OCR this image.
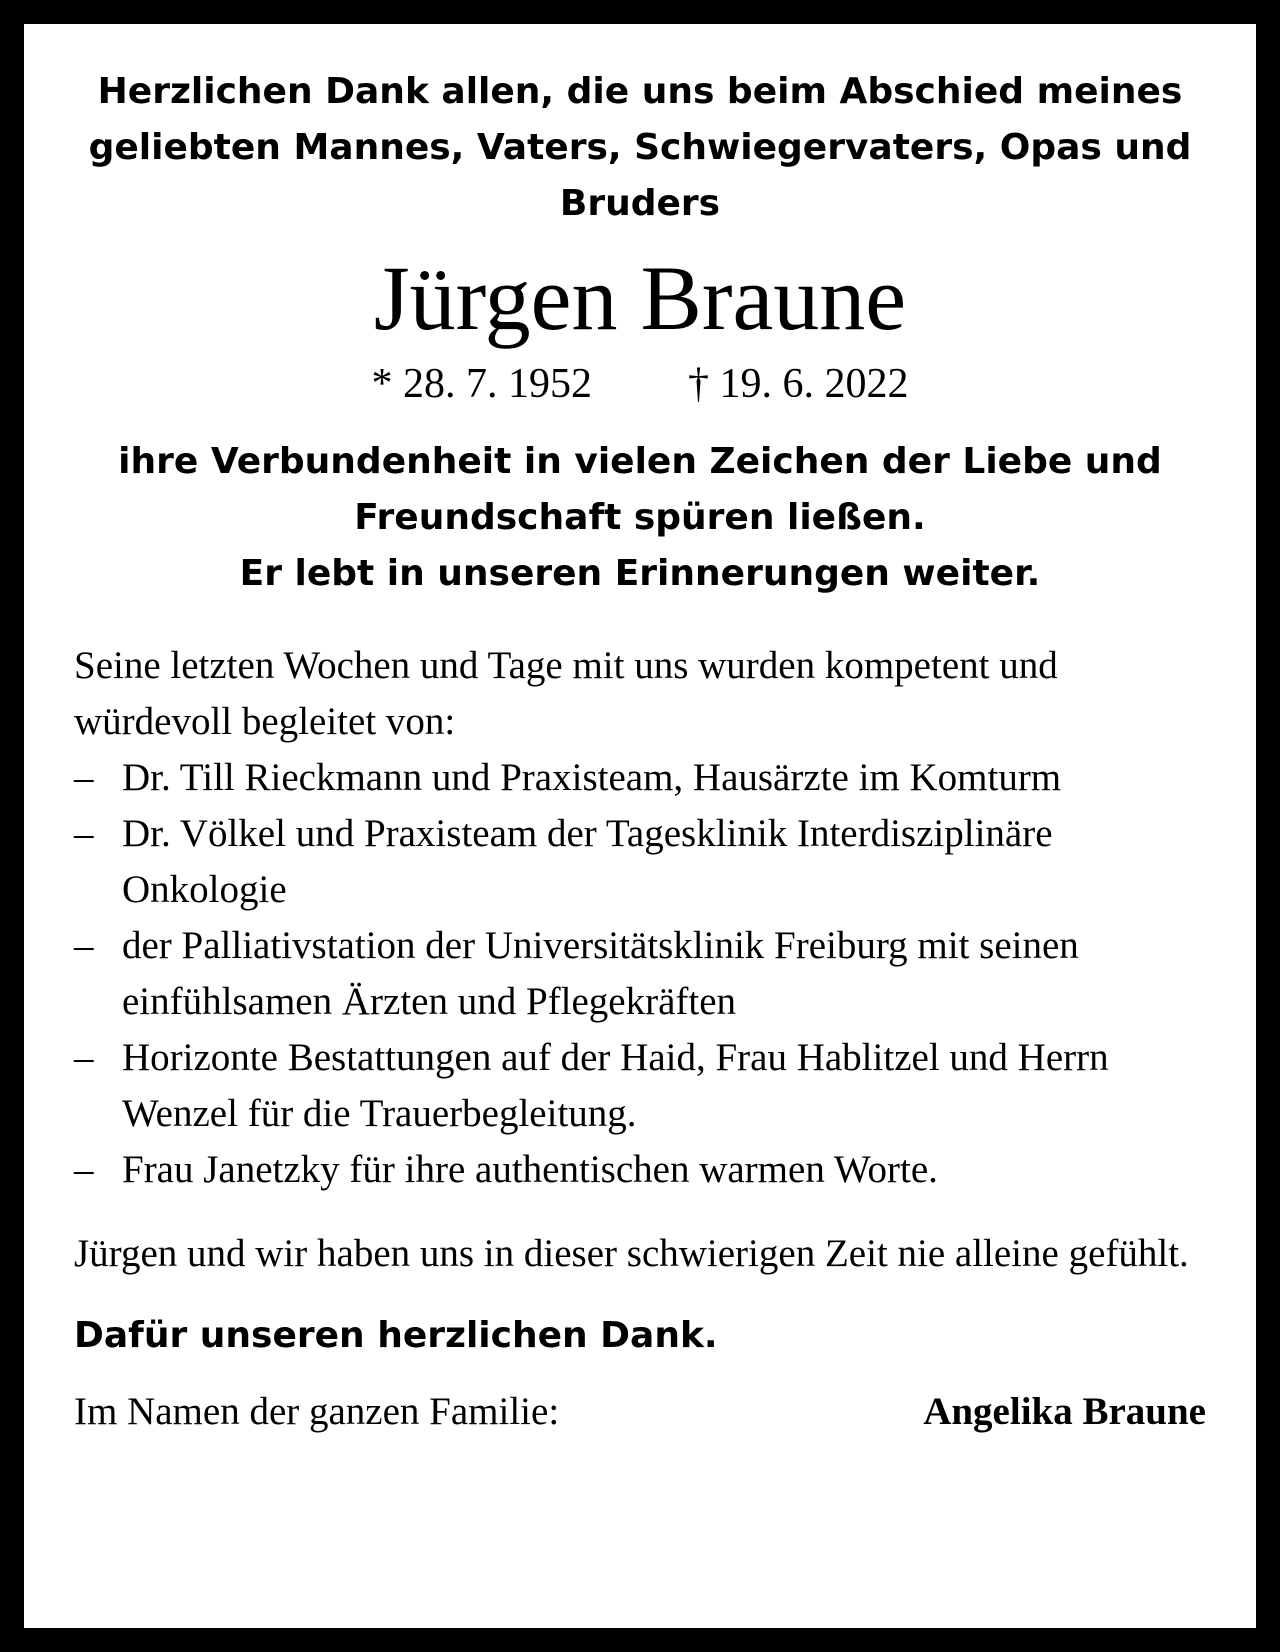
Herzlichen Dank allen, die uns beim Abschied meines geliebten Mannes, Vaters, Schwiegervaters, Opas und Bruders

Jürgen Braune
* 28. 7. 1952 † 19. 6. 2022
ihre Verbundenheit in vielen Zeichen der Liebe und
Freundschaft spüren ließen.
Er lebt in unseren Erinnerungen weiter.

Seine letzten Wochen und Tage mit uns wurden kompetent und würdevoll begleitet von:

– Dr. Till Rieckmann und Praxisteam, Hausärzte im Komturm
– Dr. Völkel und Praxisteam der Tagesklinik Interdisziplinäre Onkologie
– der Palliativstation der Universitätsklinik Freiburg mit seinen einfühlsamen Ärzten und Pflegekräften
– Horizonte Bestattungen auf der Haid, Frau Hablitzel und Herrn Wenzel für die Trauerbegleitung.
– Frau Janetzky für ihre authentischen warmen Worte.

Jürgen und wir haben uns in dieser schwierigen Zeit nie alleine gefühlt.

Dafür unseren herzlichen Dank.

Im Namen der ganzen Familie:	Angelika Braune
